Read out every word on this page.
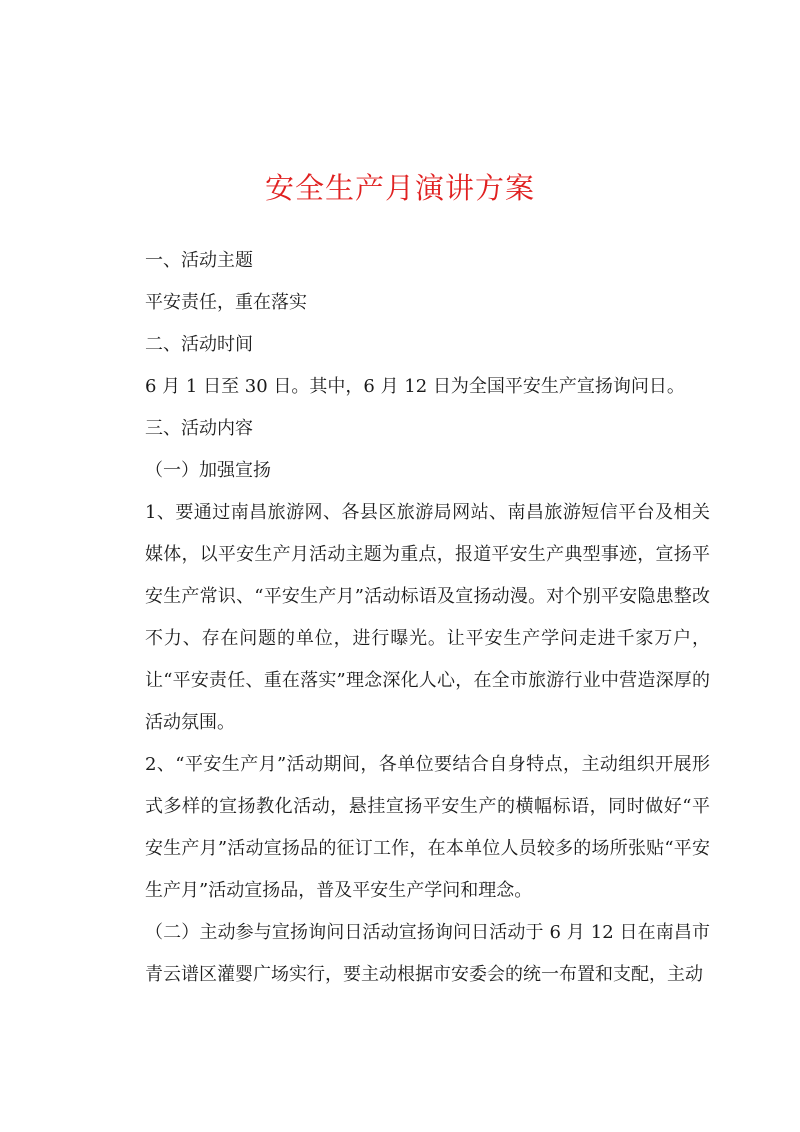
安全生产月演讲方案

一、活动主题

平安责任，重在落实

二、活动时间

6 月 1 日至 30 日。其中，6 月 12 日为全国平安生产宣扬询问日。

三、活动内容

（一）加强宣扬

1、要通过南昌旅游网、各县区旅游局网站、南昌旅游短信平台及相关媒体，以平安生产月活动主题为重点，报道平安生产典型事迹，宣扬平安生产常识、“平安生产月”活动标语及宣扬动漫。对个别平安隐患整改不力、存在问题的单位，进行曝光。让平安生产学问走进千家万户，让“平安责任、重在落实”理念深化人心，在全市旅游行业中营造深厚的活动氛围。

2、“平安生产月”活动期间，各单位要结合自身特点，主动组织开展形式多样的宣扬教化活动，悬挂宣扬平安生产的横幅标语，同时做好“平安生产月”活动宣扬品的征订工作，在本单位人员较多的场所张贴“平安生产月”活动宣扬品，普及平安生产学问和理念。

（二）主动参与宣扬询问日活动宣扬询问日活动于 6 月 12 日在南昌市青云谱区灌婴广场实行，要主动根据市安委会的统一布置和支配，主动
